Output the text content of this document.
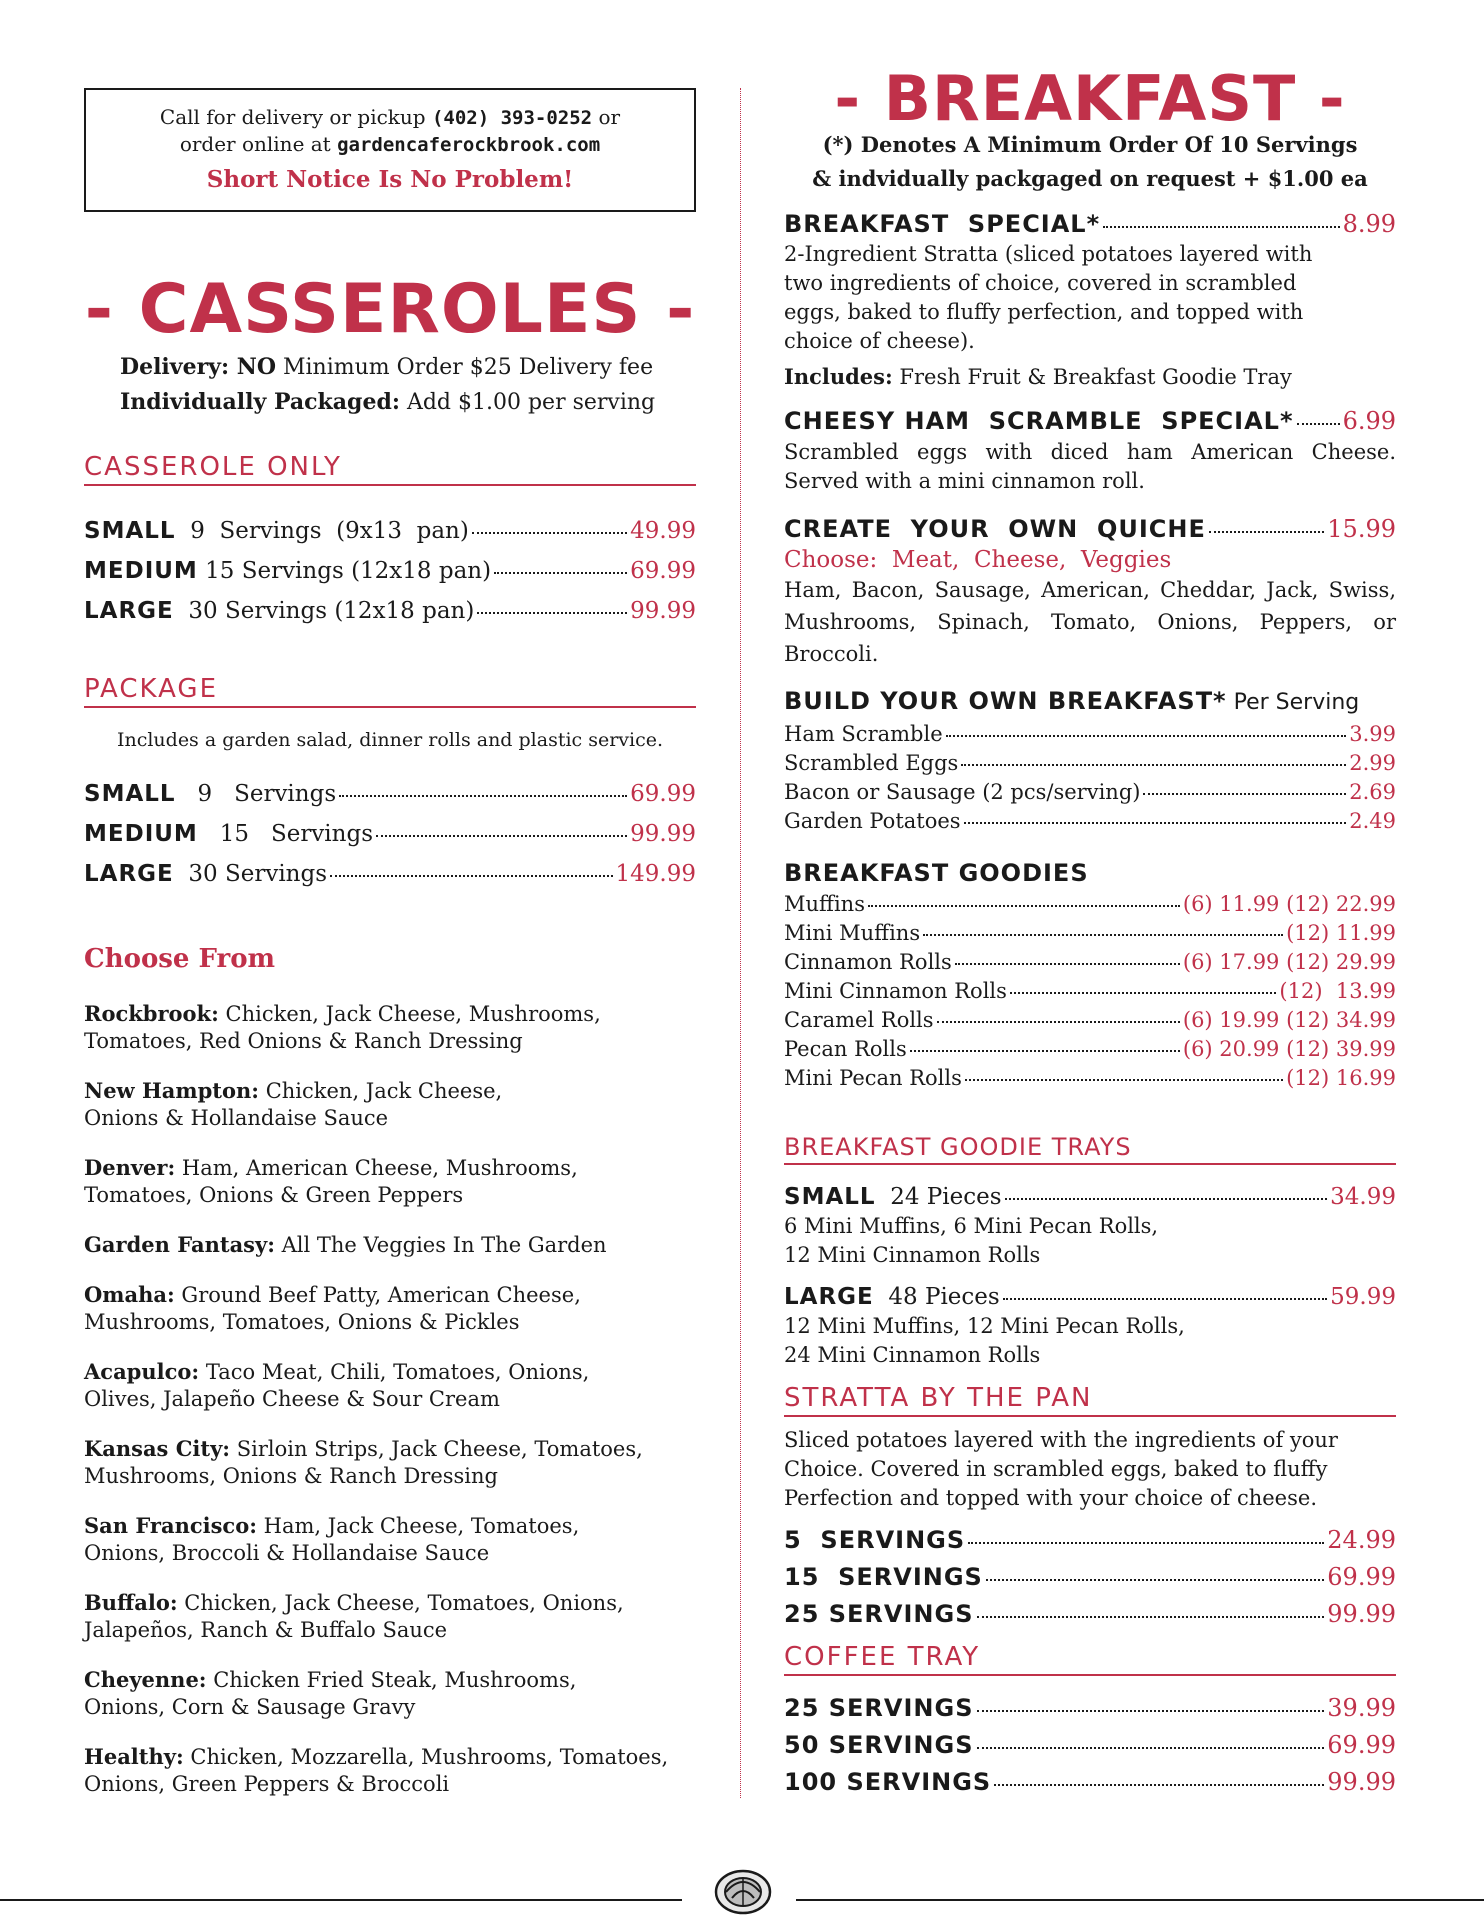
Call for delivery or pickup (402) 393-0252 or
order online at gardencaferockbrook.com
Short Notice Is No Problem!
- CASSEROLES -
Delivery: NO Minimum Order $25 Delivery fee
Individually Packaged: Add $1.00 per serving
CASSEROLE ONLY
SMALL  9  Servings  (9x13  pan)	49.99
MEDIUM 15 Servings (12x18 pan)	69.99
LARGE  30 Servings (12x18 pan)	99.99
PACKAGE
Includes a garden salad, dinner rolls and plastic service.
SMALL   9   Servings	69.99
MEDIUM   15   Servings	99.99
LARGE  30 Servings	149.99
Choose From
Rockbrook: Chicken, Jack Cheese, Mushrooms,
Tomatoes, Red Onions & Ranch Dressing
New Hampton: Chicken, Jack Cheese,
Onions & Hollandaise Sauce
Denver: Ham, American Cheese, Mushrooms,
Tomatoes, Onions & Green Peppers
Garden Fantasy: All The Veggies In The Garden
Omaha: Ground Beef Patty, American Cheese,
Mushrooms, Tomatoes, Onions & Pickles
Acapulco: Taco Meat, Chili, Tomatoes, Onions,
Olives, Jalapeño Cheese & Sour Cream
Kansas City: Sirloin Strips, Jack Cheese, Tomatoes,
Mushrooms, Onions & Ranch Dressing
San Francisco: Ham, Jack Cheese, Tomatoes,
Onions, Broccoli & Hollandaise Sauce
Buffalo: Chicken, Jack Cheese, Tomatoes, Onions,
Jalapeños, Ranch & Buffalo Sauce
Cheyenne: Chicken Fried Steak, Mushrooms,
Onions, Corn & Sausage Gravy
Healthy: Chicken, Mozzarella, Mushrooms, Tomatoes,
Onions, Green Peppers & Broccoli
- BREAKFAST -
(*) Denotes A Minimum Order Of 10 Servings
& indvidually packgaged on request + $1.00 ea
BREAKFAST  SPECIAL*	8.99
2-Ingredient Stratta (sliced potatoes layered with two ingredients of choice, covered in scrambled eggs, baked to fluffy perfection, and topped with choice of cheese).
Includes: Fresh Fruit & Breakfast Goodie Tray
CHEESY HAM  SCRAMBLE  SPECIAL* 6.99
Scrambled eggs with diced ham American Cheese. Served with a mini cinnamon roll.
CREATE  YOUR  OWN  QUICHE	15.99
Choose:  Meat,  Cheese,  Veggies
Ham, Bacon, Sausage, American, Cheddar, Jack, Swiss, Mushrooms, Spinach, Tomato, Onions, Peppers, or Broccoli.
BUILD YOUR OWN BREAKFAST* Per Serving
Ham Scramble	3.99
Scrambled Eggs	2.99
Bacon or Sausage (2 pcs/serving)	2.69
Garden Potatoes	2.49
BREAKFAST GOODIES
Muffins	(6) 11.99 (12) 22.99
Mini Muffins	(12) 11.99
Cinnamon Rolls	(6) 17.99 (12) 29.99
Mini Cinnamon Rolls	(12)  13.99
Caramel Rolls	(6) 19.99 (12) 34.99
Pecan Rolls	(6) 20.99 (12) 39.99
Mini Pecan Rolls	(12) 16.99
BREAKFAST GOODIE TRAYS
SMALL  24 Pieces	34.99
6 Mini Muffins, 6 Mini Pecan Rolls,
12 Mini Cinnamon Rolls
LARGE  48 Pieces	59.99
12 Mini Muffins, 12 Mini Pecan Rolls,
24 Mini Cinnamon Rolls
STRATTA BY THE PAN
Sliced potatoes layered with the ingredients of your Choice. Covered in scrambled eggs, baked to fluffy Perfection and topped with your choice of cheese.
5  SERVINGS	24.99
15  SERVINGS	69.99
25 SERVINGS	99.99
COFFEE TRAY
25 SERVINGS	39.99
50 SERVINGS	69.99
100 SERVINGS	99.99
